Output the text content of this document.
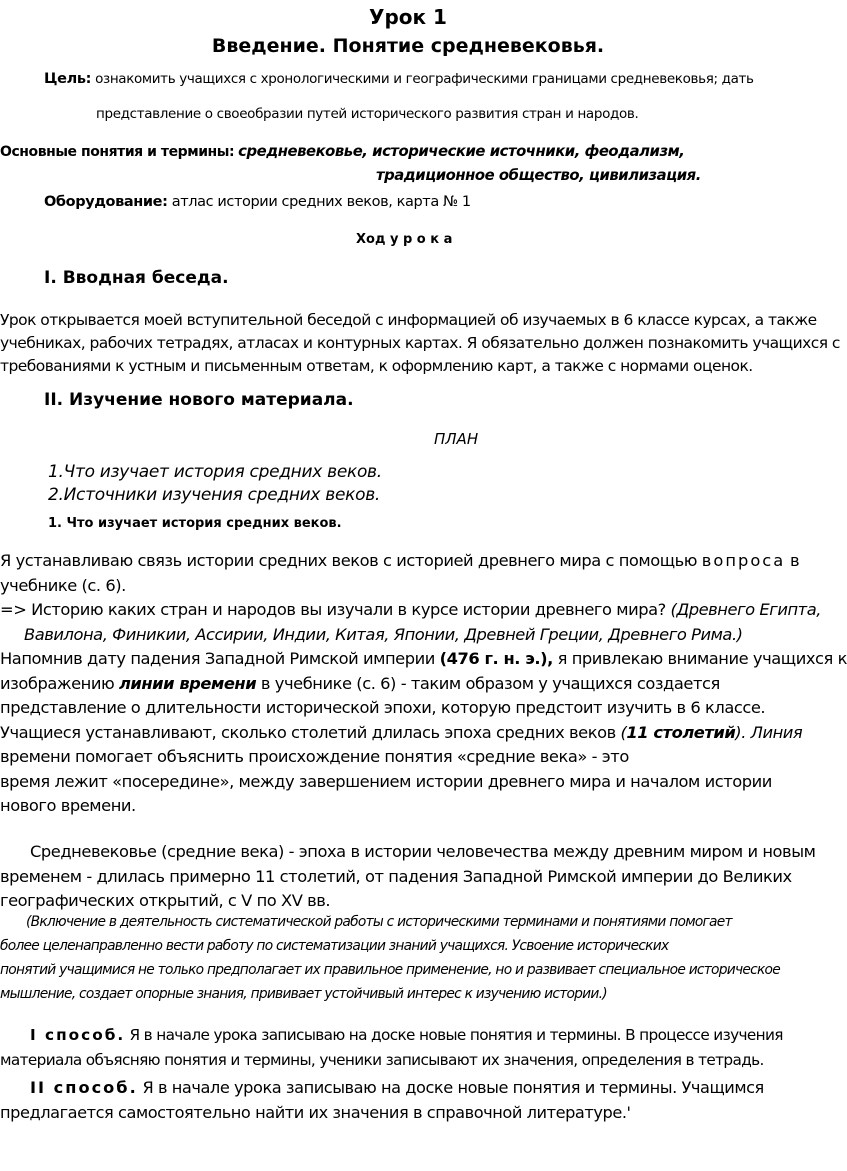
Урок 1
Введение. Понятие средневековья.
Цель: ознакомить учащихся с хронологическими и географическими границами средневековья; дать
представление о своеобразии путей исторического развития стран и народов.
Основные понятия и термины: средневековье, исторические источники, феодализм,
традиционное общество, цивилизация.
Оборудование: атлас истории средних веков, карта № 1
Ход у р о к а
I. Вводная беседа.
Урок открывается моей вступительной беседой с информацией об изучаемых в 6 классе курсах, а также
учебниках, рабочих тетрадях, атласах и контурных картах. Я обязательно должен познакомить учащихся с
требованиями к устным и письменным ответам, к оформлению карт, а также с нормами оценок.
II. Изучение нового материала.
ПЛАН
1.Что изучает история средних веков.
2.Источники изучения средних веков.
1. Что изучает история средних веков.
Я устанавливаю связь истории средних веков с историей древнего мира с помощью вопроса в
учебнике (с. 6).
=> Историю каких стран и народов вы изучали в курсе истории древнего мира? (Древнего Египта,
Вавилона, Финикии, Ассирии, Индии, Китая, Японии, Древней Греции, Древнего Рима.)
Напомнив дату падения Западной Римской империи (476 г. н. э.), я привлекаю внимание учащихся к
изображению линии времени в учебнике (с. 6) - таким образом у учащихся создается
представление о длительности исторической эпохи, которую предстоит изучить в 6 классе.
Учащиеся устанавливают, сколько столетий длилась эпоха средних веков (11 столетий). Линия
времени помогает объяснить происхождение понятия «средние века» - это
время лежит «посередине», между завершением истории древнего мира и началом истории
нового времени.
Средневековье (средние века) - эпоха в истории человечества между древним миром и новым
временем - длилась примерно 11 столетий, от падения Западной Римской империи до Великих
географических открытий, с V по XV вв.
(Включение в деятельность систематической работы с историческими терминами и понятиями помогает
более целенаправленно вести работу по систематизации знаний учащихся. Усвоение исторических
понятий учащимися не только предполагает их правильное применение, но и развивает специальное историческое
мышление, создает опорные знания, прививает устойчивый интерес к изучению истории.)
I способ. Я в начале урока записываю на доске новые понятия и термины. В процессе изучения
материала объясняю понятия и термины, ученики записывают их значения, определения в тетрадь.
II способ. Я в начале урока записываю на доске новые понятия и термины. Учащимся
предлагается самостоятельно найти их значения в справочной литературе.'
